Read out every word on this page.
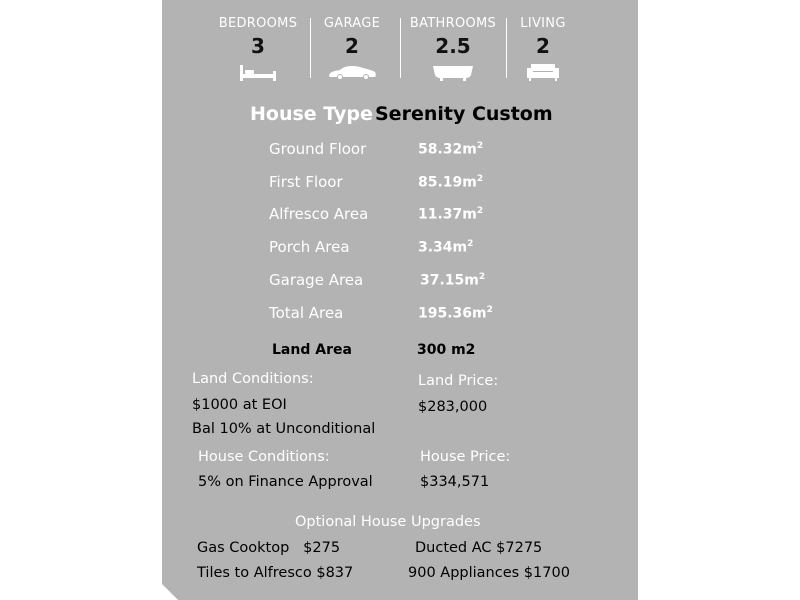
BEDROOMS
3
GARAGE
2
BATHROOMS
2.5
LIVING
2
House Type Serenity Custom
Ground Floor	$58.32m^2$
First Floor	$85.19m^2$
Alfresco Area	$11.37m^2$
Porch Area	$3.34m^2$
Garage Area	$37.15m^2$
Total Area	$195.36m^2$
Land Area	300 m2
Land Conditions:
$1000 at EOI
Bal 10% at Unconditional
Land Price:
$283,000
House Conditions:
5% on Finance Approval
House Price:
$334,571
Optional House Upgrades
Gas Cooktop   $275	Ducted AC $7275
Tiles to Alfresco $837	900 Appliances $1700
